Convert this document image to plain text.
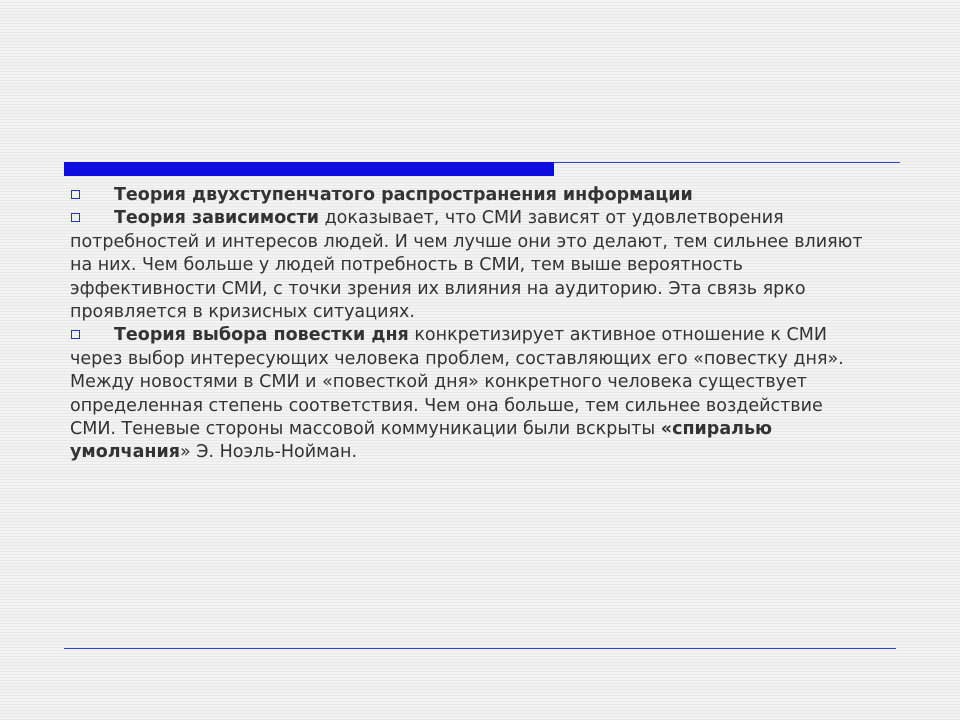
Теория двухступенчатого распространения информации

Теория зависимости доказывает, что СМИ зависят от удовлетворения потребностей и интересов людей. И чем лучше они это делают, тем сильнее влияют на них. Чем больше у людей потребность в СМИ, тем выше вероятность эффективности СМИ, с точки зрения их влияния на аудиторию. Эта связь ярко проявляется в кризисных ситуациях.

Теория выбора повестки дня конкретизирует активное отношение к СМИ через выбор интересующих человека проблем, составляющих его «повестку дня». Между новостями в СМИ и «повесткой дня» конкретного человека существует определенная степень соответствия. Чем она больше, тем сильнее воздействие СМИ. Теневые стороны массовой коммуникации были вскрыты «спиралью умолчания» Э. Ноэль-Нойман.
